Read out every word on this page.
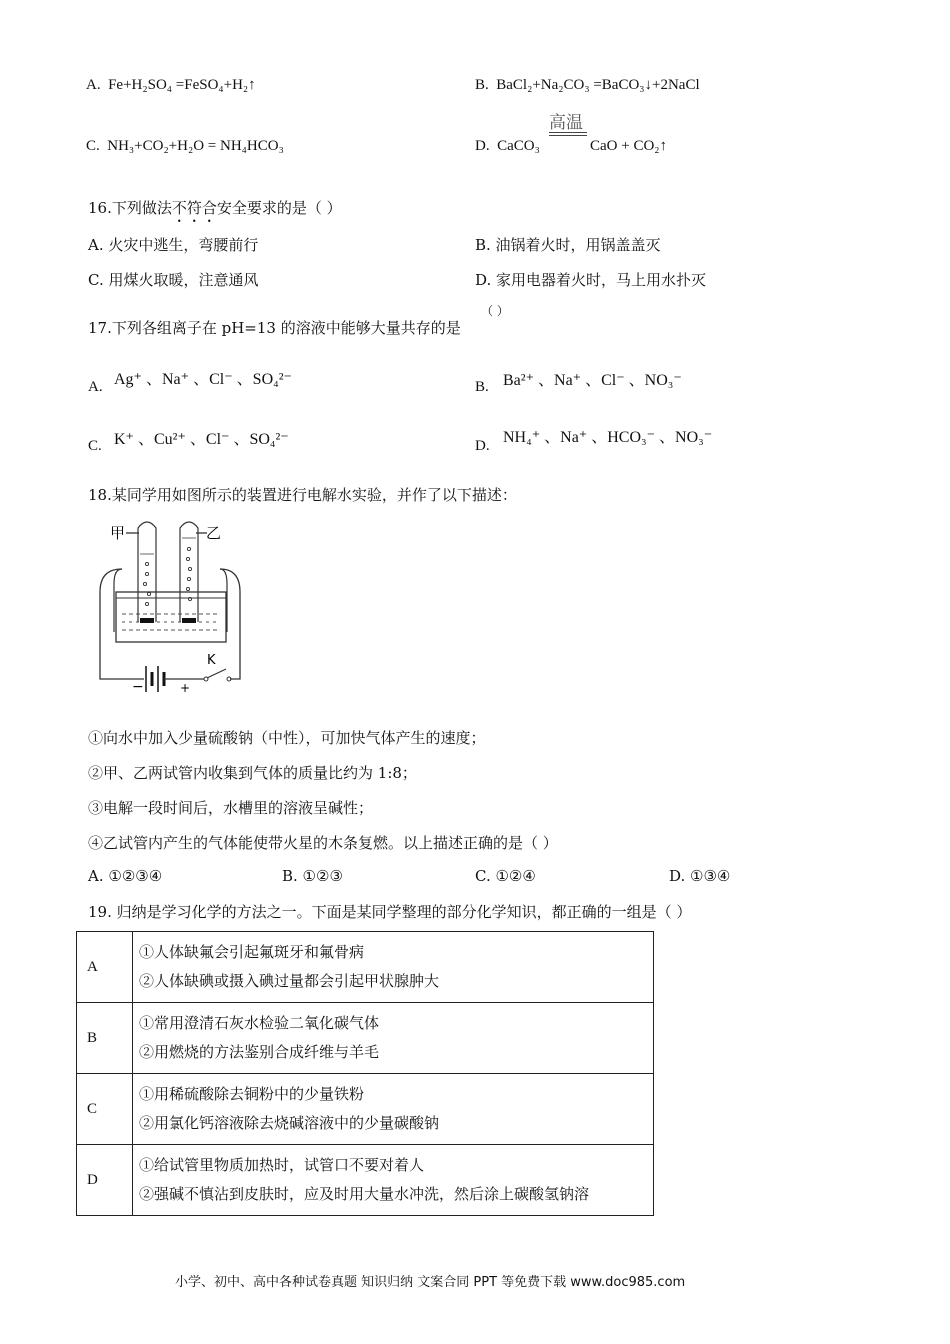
A. Fe+H₂SO₄ =FeSO₄+H₂↑	B. BaCl₂+Na₂CO₃ =BaCO₃↓+2NaCl
C. NH₃+CO₂+H₂O = NH₄HCO₃	D. CaCO₃
高温
CaO + CO₂↑
16.下列做法不符合安全要求的是（ ）
A. 火灾中逃生，弯腰前行	B. 油锅着火时，用锅盖盖灭
C. 用煤火取暖，注意通风	D. 家用电器着火时，马上用水扑灭
（ ）
17.下列各组离子在 pH=13 的溶液中能够大量共存的是
A. Ag⁺ 、Na⁺ 、Cl⁻ 、SO₄²⁻	B. Ba²⁺ 、Na⁺ 、Cl⁻ 、NO₃⁻
C. K⁺ 、Cu²⁺ 、Cl⁻ 、SO₄²⁻	D. NH₄⁺ 、Na⁺ 、HCO₃⁻ 、NO₃⁻
18.某同学用如图所示的装置进行电解水实验，并作了以下描述：
甲	乙
−	+
K
①向水中加入少量硫酸钠（中性），可加快气体产生的速度；
②甲、乙两试管内收集到气体的质量比约为 1:8；
③电解一段时间后，水槽里的溶液呈碱性；
④乙试管内产生的气体能使带火星的木条复燃。以上描述正确的是（ ）
A. ①②③④	B. ①②③	C. ①②④	D. ①③④
19. 归纳是学习化学的方法之一。下面是某同学整理的部分化学知识，都正确的一组是（ ）
A	①人体缺氟会引起氟斑牙和氟骨病
②人体缺碘或摄入碘过量都会引起甲状腺肿大

B	①常用澄清石灰水检验二氧化碳气体
②用燃烧的方法鉴别合成纤维与羊毛

C	①用稀硫酸除去铜粉中的少量铁粉
②用氯化钙溶液除去烧碱溶液中的少量碳酸钠

D	①给试管里物质加热时，试管口不要对着人
②强碱不慎沾到皮肤时，应及时用大量水冲洗，然后涂上碳酸氢钠溶
小学、初中、高中各种试卷真题 知识归纳 文案合同 PPT 等免费下载 www.doc985.com
